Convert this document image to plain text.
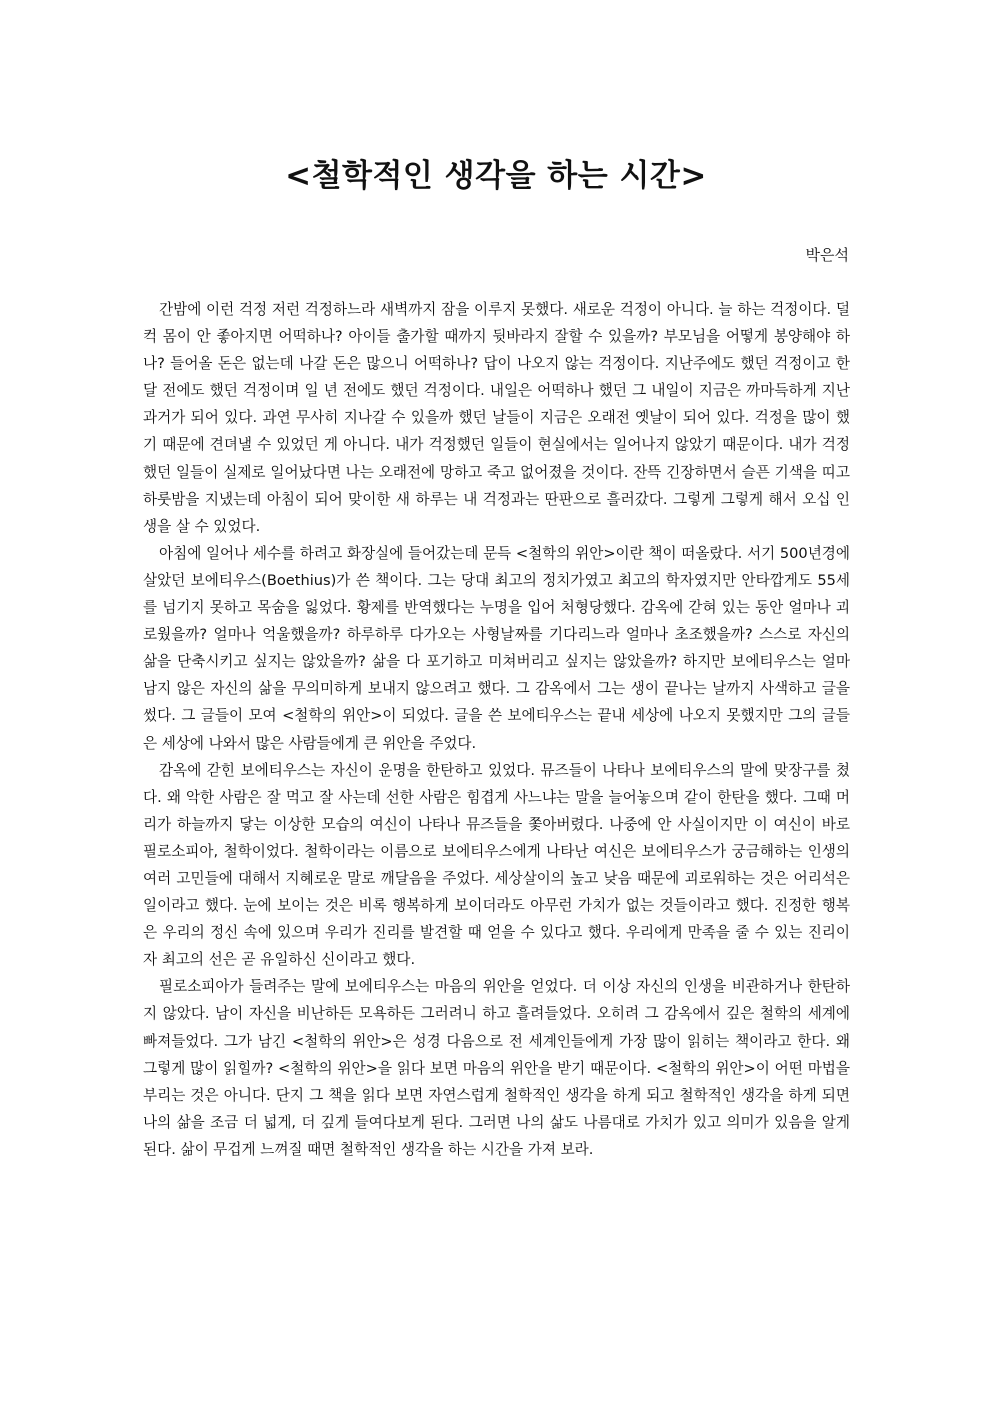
<철학적인 생각을 하는 시간>
박은석

간밤에 이런 걱정 저런 걱정하느라 새벽까지 잠을 이루지 못했다. 새로운 걱정이 아니다. 늘 하는 걱정이다. 덜컥 몸이 안 좋아지면 어떡하나? 아이들 출가할 때까지 뒷바라지 잘할 수 있을까? 부모님을 어떻게 봉양해야 하나? 들어올 돈은 없는데 나갈 돈은 많으니 어떡하나? 답이 나오지 않는 걱정이다. 지난주에도 했던 걱정이고 한 달 전에도 했던 걱정이며 일 년 전에도 했던 걱정이다. 내일은 어떡하나 했던 그 내일이 지금은 까마득하게 지난 과거가 되어 있다. 과연 무사히 지나갈 수 있을까 했던 날들이 지금은 오래전 옛날이 되어 있다. 걱정을 많이 했기 때문에 견뎌낼 수 있었던 게 아니다. 내가 걱정했던 일들이 현실에서는 일어나지 않았기 때문이다. 내가 걱정했던 일들이 실제로 일어났다면 나는 오래전에 망하고 죽고 없어졌을 것이다. 잔뜩 긴장하면서 슬픈 기색을 띠고 하룻밤을 지냈는데 아침이 되어 맞이한 새 하루는 내 걱정과는 딴판으로 흘러갔다. 그렇게 그렇게 해서 오십 인생을 살 수 있었다.

아침에 일어나 세수를 하려고 화장실에 들어갔는데 문득 <철학의 위안>이란 책이 떠올랐다. 서기 500년경에 살았던 보에티우스(Boethius)가 쓴 책이다. 그는 당대 최고의 정치가였고 최고의 학자였지만 안타깝게도 55세를 넘기지 못하고 목숨을 잃었다. 황제를 반역했다는 누명을 입어 처형당했다. 감옥에 갇혀 있는 동안 얼마나 괴로웠을까? 얼마나 억울했을까? 하루하루 다가오는 사형날짜를 기다리느라 얼마나 초조했을까? 스스로 자신의 삶을 단축시키고 싶지는 않았을까? 삶을 다 포기하고 미쳐버리고 싶지는 않았을까? 하지만 보에티우스는 얼마 남지 않은 자신의 삶을 무의미하게 보내지 않으려고 했다. 그 감옥에서 그는 생이 끝나는 날까지 사색하고 글을 썼다. 그 글들이 모여 <철학의 위안>이 되었다. 글을 쓴 보에티우스는 끝내 세상에 나오지 못했지만 그의 글들은 세상에 나와서 많은 사람들에게 큰 위안을 주었다.

감옥에 갇힌 보에티우스는 자신이 운명을 한탄하고 있었다. 뮤즈들이 나타나 보에티우스의 말에 맞장구를 쳤다. 왜 악한 사람은 잘 먹고 잘 사는데 선한 사람은 힘겹게 사느냐는 말을 늘어놓으며 같이 한탄을 했다. 그때 머리가 하늘까지 닿는 이상한 모습의 여신이 나타나 뮤즈들을 쫓아버렸다. 나중에 안 사실이지만 이 여신이 바로 필로소피아, 철학이었다. 철학이라는 이름으로 보에티우스에게 나타난 여신은 보에티우스가 궁금해하는 인생의 여러 고민들에 대해서 지혜로운 말로 깨달음을 주었다. 세상살이의 높고 낮음 때문에 괴로워하는 것은 어리석은 일이라고 했다. 눈에 보이는 것은 비록 행복하게 보이더라도 아무런 가치가 없는 것들이라고 했다. 진정한 행복은 우리의 정신 속에 있으며 우리가 진리를 발견할 때 얻을 수 있다고 했다. 우리에게 만족을 줄 수 있는 진리이자 최고의 선은 곧 유일하신 신이라고 했다.

필로소피아가 들려주는 말에 보에티우스는 마음의 위안을 얻었다. 더 이상 자신의 인생을 비관하거나 한탄하지 않았다. 남이 자신을 비난하든 모욕하든 그러려니 하고 흘려들었다. 오히려 그 감옥에서 깊은 철학의 세계에 빠져들었다. 그가 남긴 <철학의 위안>은 성경 다음으로 전 세계인들에게 가장 많이 읽히는 책이라고 한다. 왜 그렇게 많이 읽힐까? <철학의 위안>을 읽다 보면 마음의 위안을 받기 때문이다. <철학의 위안>이 어떤 마법을 부리는 것은 아니다. 단지 그 책을 읽다 보면 자연스럽게 철학적인 생각을 하게 되고 철학적인 생각을 하게 되면 나의 삶을 조금 더 넓게, 더 깊게 들여다보게 된다. 그러면 나의 삶도 나름대로 가치가 있고 의미가 있음을 알게 된다. 삶이 무겁게 느껴질 때면 철학적인 생각을 하는 시간을 가져 보라.
